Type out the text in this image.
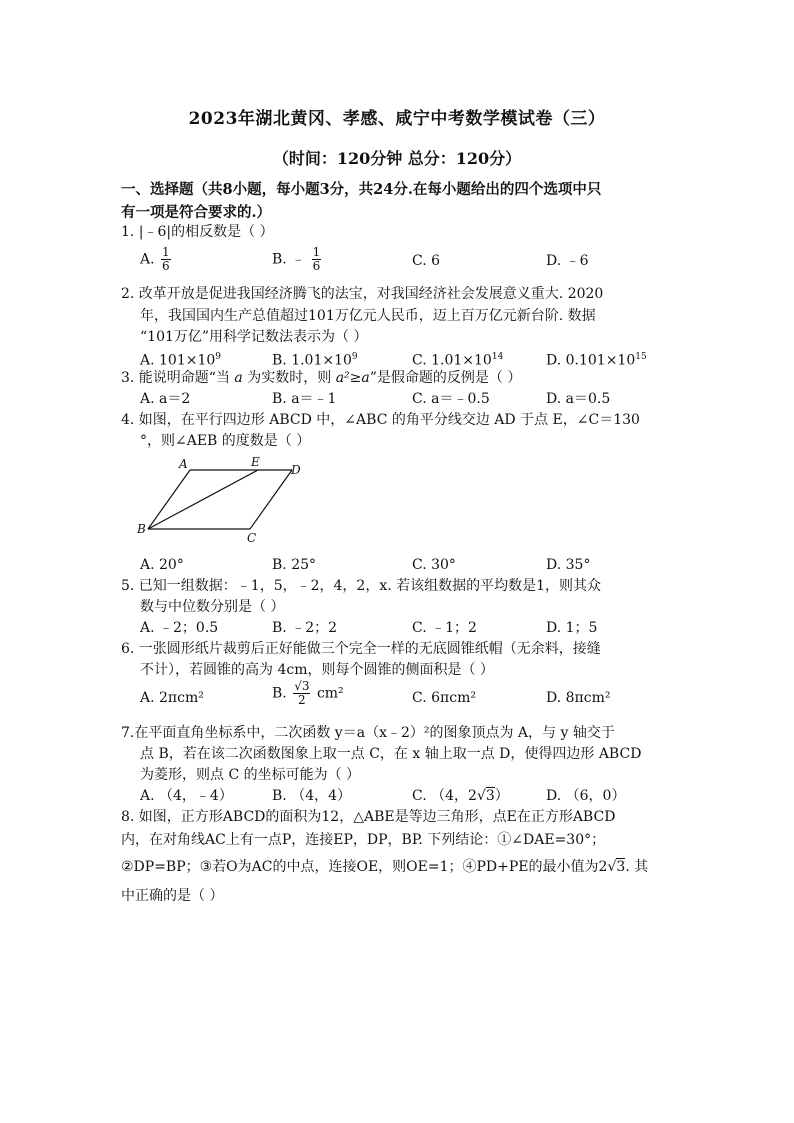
2023年湖北黄冈、孝感、咸宁中考数学模试卷（三）
（时间：120分钟 总分：120分）
一、选择题（共8小题，每小题3分，共24分.在每小题给出的四个选项中只
有一项是符合要求的.）
1. |﹣6|的相反数是（ ）
A. $\frac{1}{6}$	B. ﹣ $\frac{1}{6}$	C. 6	D. ﹣6
2. 改革开放是促进我国经济腾飞的法宝，对我国经济社会发展意义重大. 2020
年，我国国内生产总值超过101万亿元人民币，迈上百万亿元新台阶. 数据
“101万亿”用科学记数法表示为（ ）
A. $101\times 10^9$	B. $1.01\times 10^9$	C. $1.01\times 10^{14}$	D. $0.101\times 10^{15}$
3. 能说明命题“当 a 为实数时，则 a²≥a”是假命题的反例是（ ）
A. a＝2	B. a＝﹣1	C. a＝﹣0.5	D. a＝0.5
4. 如图，在平行四边形 ABCD 中，∠ABC 的角平分线交边 AD 于点 E，∠C＝130
°，则∠AEB 的度数是（ ）
A	E
D
B
C
A. 20°	B. 25°	C. 30°	D. 35°
5. 已知一组数据：﹣1，5，﹣2，4，2，x. 若该组数据的平均数是1，则其众
数与中位数分别是（ ）
A. ﹣2；0.5	B. ﹣2；2	C. ﹣1；2	D. 1；5
6. 一张圆形纸片裁剪后正好能做三个完全一样的无底圆锥纸帽（无余料，接缝
不计），若圆锥的高为 4cm，则每个圆锥的侧面积是（ ）
A. 2πcm²	B. $\frac{√3}{2} cm^2$	C. 6πcm²	D. 8πcm²
7.在平面直角坐标系中，二次函数 y＝a（x﹣2）²的图象顶点为 A，与 y 轴交于
点 B，若在该二次函数图象上取一点 C，在 x 轴上取一点 D，使得四边形 ABCD
为菱形，则点 C 的坐标可能为（ ）
A. （4，﹣4）	B. （4，4）	C. （4，2√3）	D. （6，0）
8. 如图，正方形ABCD的面积为12，△ABE是等边三角形，点E在正方形ABCD
内，在对角线AC上有一点P，连接EP，DP，BP. 下列结论：①∠DAE=30°；
②DP=BP；③若O为AC的中点，连接OE，则OE=1；④PD+PE的最小值为2√3. 其
中正确的是（ ）
